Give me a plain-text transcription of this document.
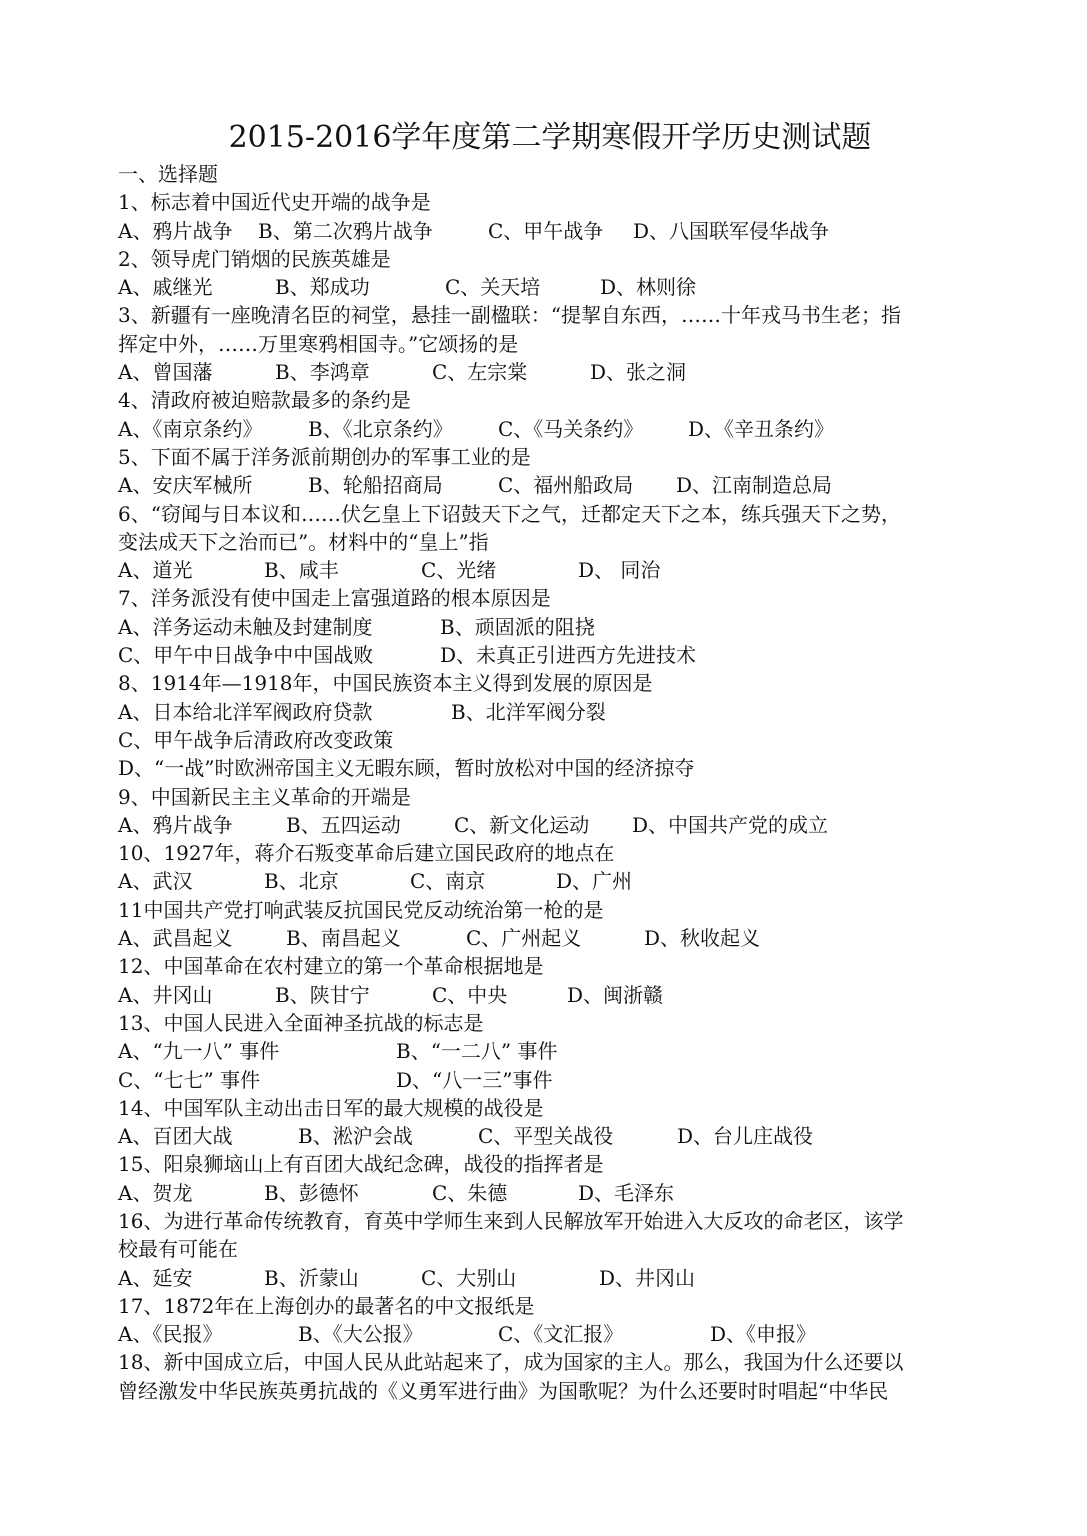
2015-2016学年度第二学期寒假开学历史测试题
一、选择题
1、标志着中国近代史开端的战争是
A、鸦片战争	B、第二次鸦片战争	C、甲午战争	D、八国联军侵华战争
2、领导虎门销烟的民族英雄是
A、戚继光	B、郑成功	C、关天培	D、林则徐
3、新疆有一座晚清名臣的祠堂，悬挂一副楹联：“提挈自东西，……十年戎马书生老；指
挥定中外，……万里寒鸦相国寺。”它颂扬的是
A、曾国藩	B、李鸿章	C、左宗棠	D、张之洞
4、清政府被迫赔款最多的条约是
A、《南京条约》	B、《北京条约》	C、《马关条约》	D、《辛丑条约》
5、下面不属于洋务派前期创办的军事工业的是
A、安庆军械所	B、轮船招商局	C、福州船政局	D、江南制造总局
6、“窃闻与日本议和……伏乞皇上下诏鼓天下之气，迁都定天下之本，练兵强天下之势，
变法成天下之治而已”。材料中的“皇上”指
A、道光	B、咸丰	C、光绪	D、 同治
7、洋务派没有使中国走上富强道路的根本原因是
A、洋务运动未触及封建制度	B、顽固派的阻挠
C、甲午中日战争中中国战败	D、未真正引进西方先进技术
8、1914年—1918年，中国民族资本主义得到发展的原因是
A、日本给北洋军阀政府贷款	B、北洋军阀分裂
C、甲午战争后清政府改变政策
D、“一战”时欧洲帝国主义无暇东顾，暂时放松对中国的经济掠夺
9、中国新民主主义革命的开端是
A、鸦片战争	B、五四运动	C、新文化运动	D、中国共产党的成立
10、1927年，蒋介石叛变革命后建立国民政府的地点在
A、武汉	B、北京	C、南京	D、广州
11中国共产党打响武装反抗国民党反动统治第一枪的是
A、武昌起义	B、南昌起义	C、广州起义	D、秋收起义
12、中国革命在农村建立的第一个革命根据地是
A、井冈山	B、陕甘宁	C、中央	D、闽浙赣
13、中国人民进入全面神圣抗战的标志是
A、“九一八” 事件	B、“一二八” 事件
C、“七七” 事件	D、“八一三”事件
14、中国军队主动出击日军的最大规模的战役是
A、百团大战	B、淞沪会战	C、平型关战役	D、台儿庄战役
15、阳泉狮垴山上有百团大战纪念碑，战役的指挥者是
A、贺龙	B、彭德怀	C、朱德	D、毛泽东
16、为进行革命传统教育，育英中学师生来到人民解放军开始进入大反攻的命老区，该学
校最有可能在
A、延安	B、沂蒙山	C、大别山	D、井冈山
17、1872年在上海创办的最著名的中文报纸是
A、《民报》	B、《大公报》	C、《文汇报》	D、《申报》
18、新中国成立后，中国人民从此站起来了，成为国家的主人。那么，我国为什么还要以
曾经激发中华民族英勇抗战的《义勇军进行曲》为国歌呢？为什么还要时时唱起“中华民
